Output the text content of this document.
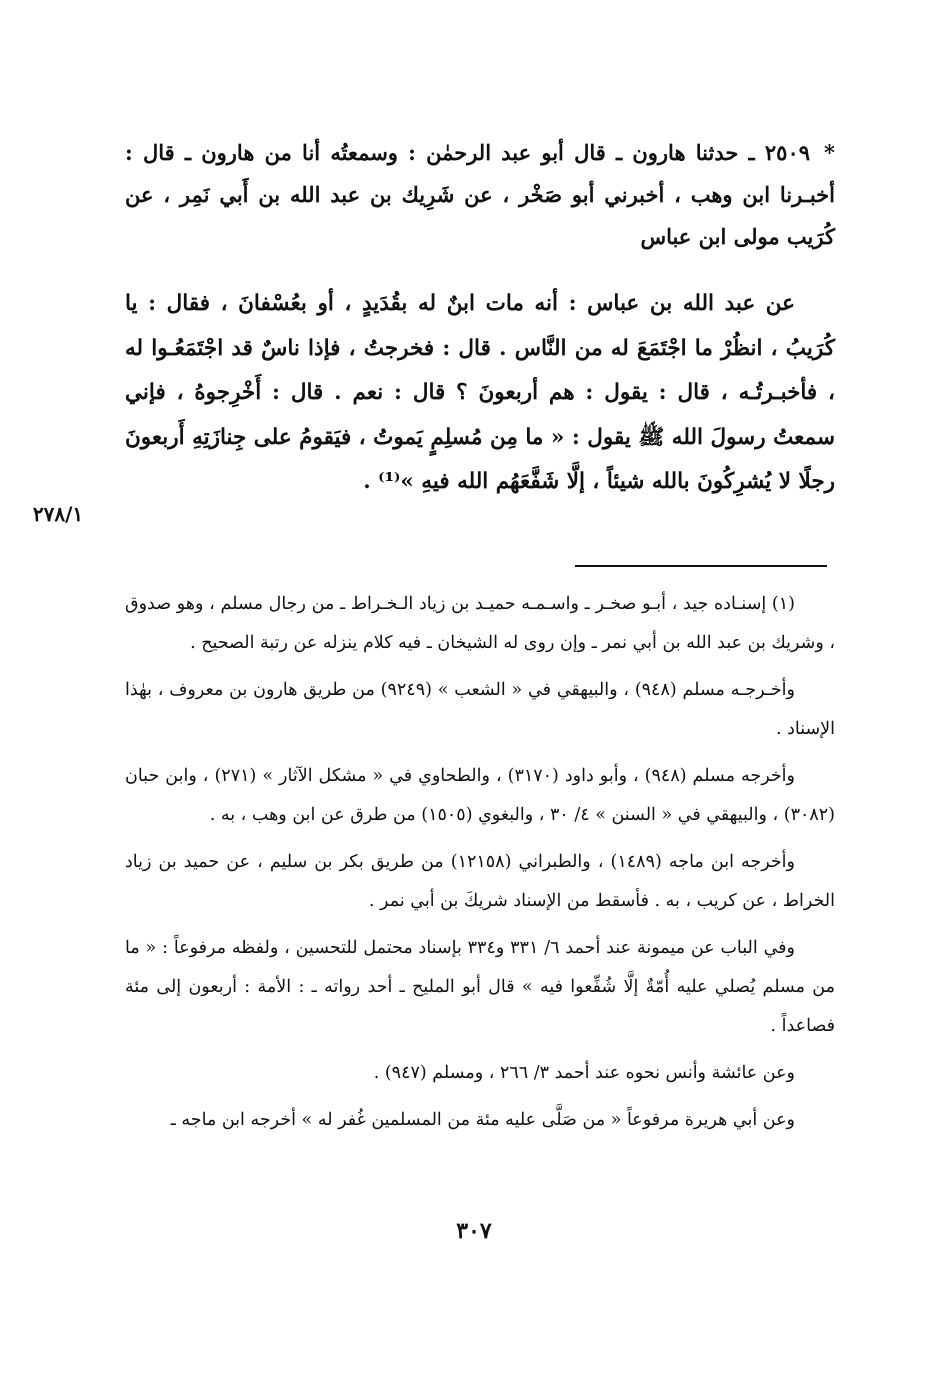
*٢٥٠٩ ـ حدثنا هارون ـ قال أبو عبد الرحمٰن : وسمعتُه أنا من هارون ـ قال : أخبـرنا ابن وهب ، أخبرني أبو صَخْر ، عن شَرِيك بن عبد الله بن أَبي نَمِر ، عن كُرَيب مولى ابن عباس

عن عبد الله بن عباس : أنه مات ابنٌ له بقُدَيدٍ ، أو بعُسْفانَ ، فقال : يا كُرَيبُ ، انظُرْ ما اجْتَمَعَ له من النَّاس . قال : فخرجتُ ، فإذا ناسٌ قد اجْتَمَعُـوا له ، فأخبـرتُـه ، قال : يقول : هم أربعونَ ؟ قال : نعم . قال : أَخْرِجوهُ ، فإني سمعتُ رسولَ الله ﷺ يقول : « ما مِن مُسلِمٍ يَموتُ ، فيَقومُ على جِنازَتِهِ أَربعونَ رجلًا لا يُشرِكُونَ بالله شيئاً ، إلَّا شَفَّعَهُم الله فيهِ »⁽¹⁾ .

٢٧٨/١

(١) إسنـاده جيد ، أبـو صخـر ـ واسـمـه حميـد بن زياد الـخـراط ـ من رجال مسلم ، وهو صدوق ، وشريك بن عبد الله بن أبي نمر ـ وإن روى له الشيخان ـ فيه كلام ينزله عن رتبة الصحيح .

وأخـرجـه مسلم (٩٤٨) ، والبيهقي في « الشعب » (٩٢٤٩) من طريق هارون بن معروف ، بهٰذا الإسناد .

وأخرجه مسلم (٩٤٨) ، وأبو داود (٣١٧٠) ، والطحاوي في « مشكل الآثار » (٢٧١) ، وابن حبان (٣٠٨٢) ، والبيهقي في « السنن » ٤/ ٣٠ ، والبغوي (١٥٠٥) من طرق عن ابن وهب ، به .

وأخرجه ابن ماجه (١٤٨٩) ، والطبراني (١٢١٥٨) من طريق بكر بن سليم ، عن حميد بن زياد الخراط ، عن كريب ، به . فأسقط من الإسناد شريكَ بن أبي نمر .

وفي الباب عن ميمونة عند أحمد ٦/ ٣٣١ و٣٣٤ بإسناد محتمل للتحسين ، ولفظه مرفوعاً : « ما من مسلم يُصلي عليه أُمّةٌ إلَّا شُفِّعوا فيه » قال أبو المليح ـ أحد رواته ـ : الأمة : أربعون إلى مئة فصاعداً .

وعن عائشة وأنس نحوه عند أحمد ٣/ ٢٦٦ ، ومسلم (٩٤٧) .

وعن أبي هريرة مرفوعاً « من صَلَّى عليه مئة من المسلمين غُفر له » أخرجه ابن ماجه ـ

٣٠٧
